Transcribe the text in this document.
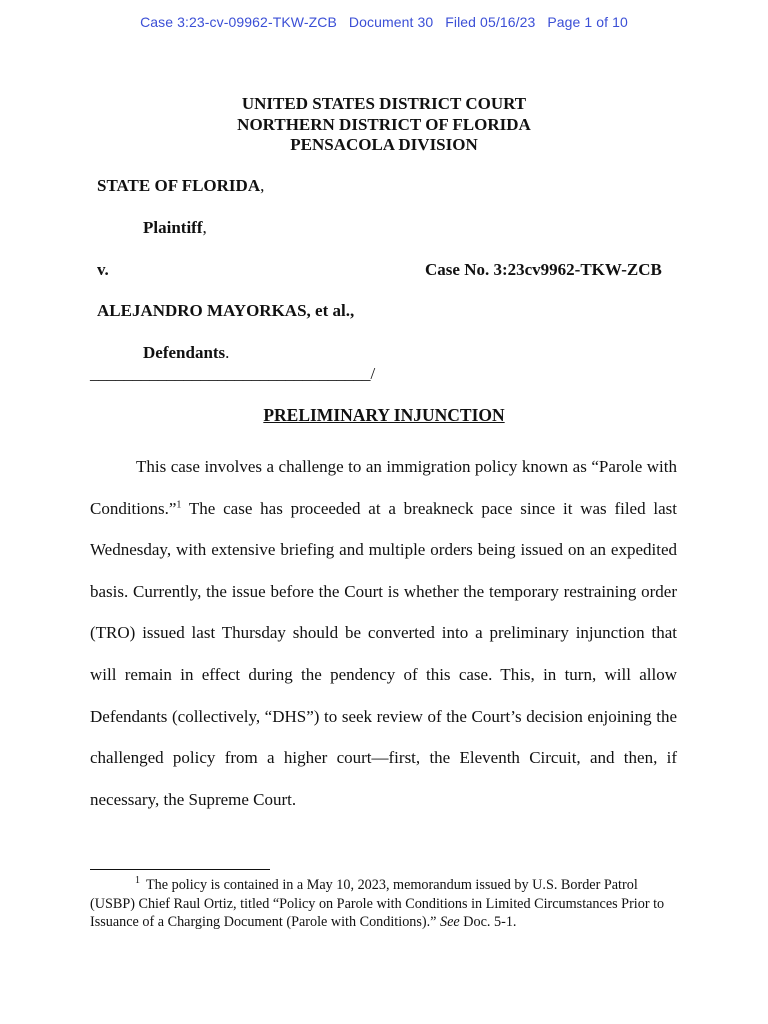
Case 3:23-cv-09962-TKW-ZCB   Document 30   Filed 05/16/23   Page 1 of 10
UNITED STATES DISTRICT COURT
NORTHERN DISTRICT OF FLORIDA
PENSACOLA DIVISION
STATE OF FLORIDA,
Plaintiff,
v.	Case No. 3:23cv9962-TKW-ZCB
ALEJANDRO MAYORKAS, et al.,
Defendants.
_________________________________/
PRELIMINARY INJUNCTION

This case involves a challenge to an immigration policy known as “Parole with Conditions.”$^1$ The case has proceeded at a breakneck pace since it was filed last Wednesday, with extensive briefing and multiple orders being issued on an expedited basis. Currently, the issue before the Court is whether the temporary restraining order (TRO) issued last Thursday should be converted into a preliminary injunction that will remain in effect during the pendency of this case. This, in turn, will allow Defendants (collectively, “DHS”) to seek review of the Court’s decision enjoining the challenged policy from a higher court—first, the Eleventh Circuit, and then, if necessary, the Supreme Court.

$^1$ The policy is contained in a May 10, 2023, memorandum issued by U.S. Border Patrol (USBP) Chief Raul Ortiz, titled “Policy on Parole with Conditions in Limited Circumstances Prior to Issuance of a Charging Document (Parole with Conditions).” See Doc. 5-1.
